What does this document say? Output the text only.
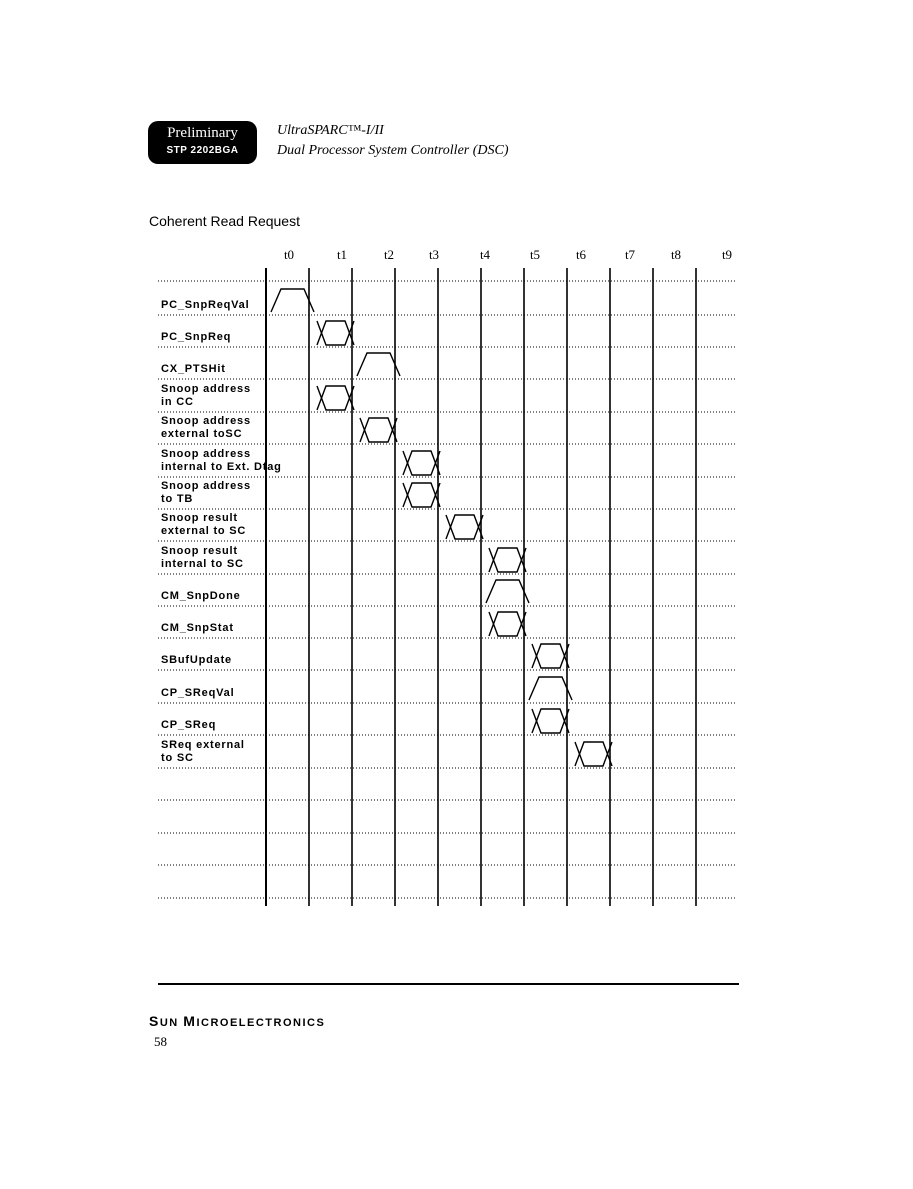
Preliminary
STP 2202BGA
UltraSPARC™-I/II
Dual Processor System Controller (DSC)
Coherent Read Request
t0	t1	t2	t3	t4	t5	t6	t7	t8	t9
PC_SnpReqVal
PC_SnpReq
CX_PTSHit
Snoop address
in CC
Snoop address
external toSC
Snoop address
internal to Ext. Dtag
Snoop address
to TB
Snoop result
external to SC
Snoop result
internal to SC
CM_SnpDone
CM_SnpStat
SBufUpdate
CP_SReqVal
CP_SReq
SReq external
to SC
SUN MICROELECTRONICS
58
